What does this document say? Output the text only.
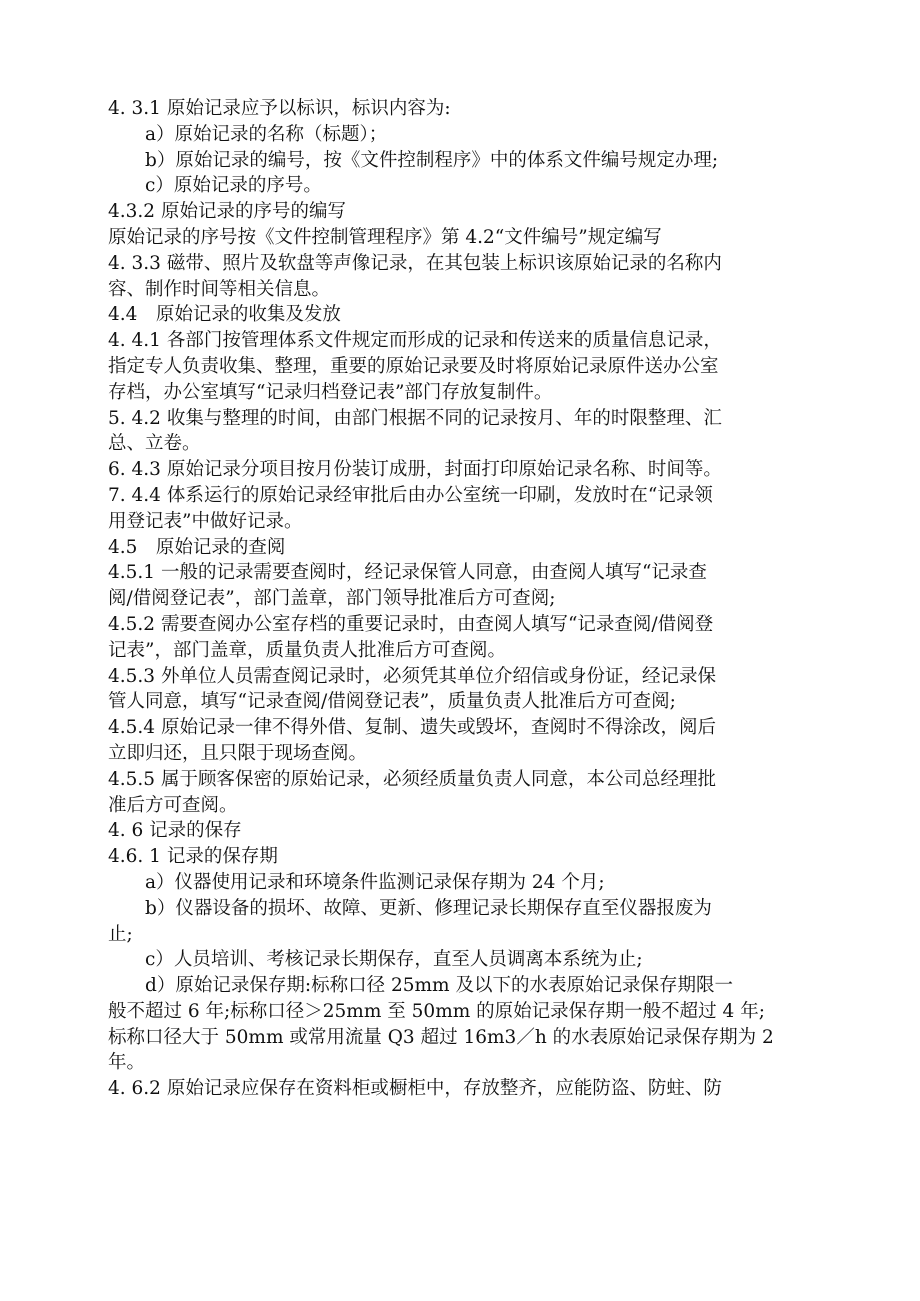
4. 3.1 原始记录应予以标识，标识内容为:
a）原始记录的名称（标题）；
b）原始记录的编号，按《文件控制程序》中的体系文件编号规定办理;
c）原始记录的序号。
4.3.2 原始记录的序号的编写
原始记录的序号按《文件控制管理程序》第 4.2“文件编号”规定编写
4. 3.3 磁带、照片及软盘等声像记录，在其包装上标识该原始记录的名称内
容、制作时间等相关信息。
4.4　原始记录的收集及发放
4. 4.1 各部门按管理体系文件规定而形成的记录和传送来的质量信息记录，
指定专人负责收集、整理，重要的原始记录要及时将原始记录原件送办公室
存档，办公室填写“记录归档登记表”部门存放复制件。
5. 4.2 收集与整理的时间，由部门根据不同的记录按月、年的时限整理、汇
总、立卷。
6. 4.3 原始记录分项目按月份装订成册，封面打印原始记录名称、时间等。
7. 4.4 体系运行的原始记录经审批后由办公室统一印刷，发放时在“记录领
用登记表”中做好记录。
4.5　原始记录的查阅
4.5.1 一般的记录需要查阅时，经记录保管人同意，由查阅人填写“记录查
阅/借阅登记表”，部门盖章，部门领导批准后方可查阅;
4.5.2 需要查阅办公室存档的重要记录时，由查阅人填写“记录查阅/借阅登
记表”，部门盖章，质量负责人批准后方可查阅。
4.5.3 外单位人员需查阅记录时，必须凭其单位介绍信或身份证，经记录保
管人同意，填写“记录查阅/借阅登记表”，质量负责人批准后方可查阅;
4.5.4 原始记录一律不得外借、复制、遗失或毁坏，查阅时不得涂改，阅后
立即归还，且只限于现场查阅。
4.5.5 属于顾客保密的原始记录，必须经质量负责人同意，本公司总经理批
准后方可查阅。
4. 6 记录的保存
4.6. 1 记录的保存期
a）仪器使用记录和环境条件监测记录保存期为 24 个月;
b）仪器设备的损坏、故障、更新、修理记录长期保存直至仪器报废为
止;
c）人员培训、考核记录长期保存，直至人员调离本系统为止;
d）原始记录保存期:标称口径 25mm 及以下的水表原始记录保存期限一
般不超过 6 年;标称口径＞25mm 至 50mm 的原始记录保存期一般不超过 4 年;
标称口径大于 50mm 或常用流量 Q3 超过 16m3／h 的水表原始记录保存期为 2
年。
4. 6.2 原始记录应保存在资料柜或橱柜中，存放整齐，应能防盗、防蛀、防
